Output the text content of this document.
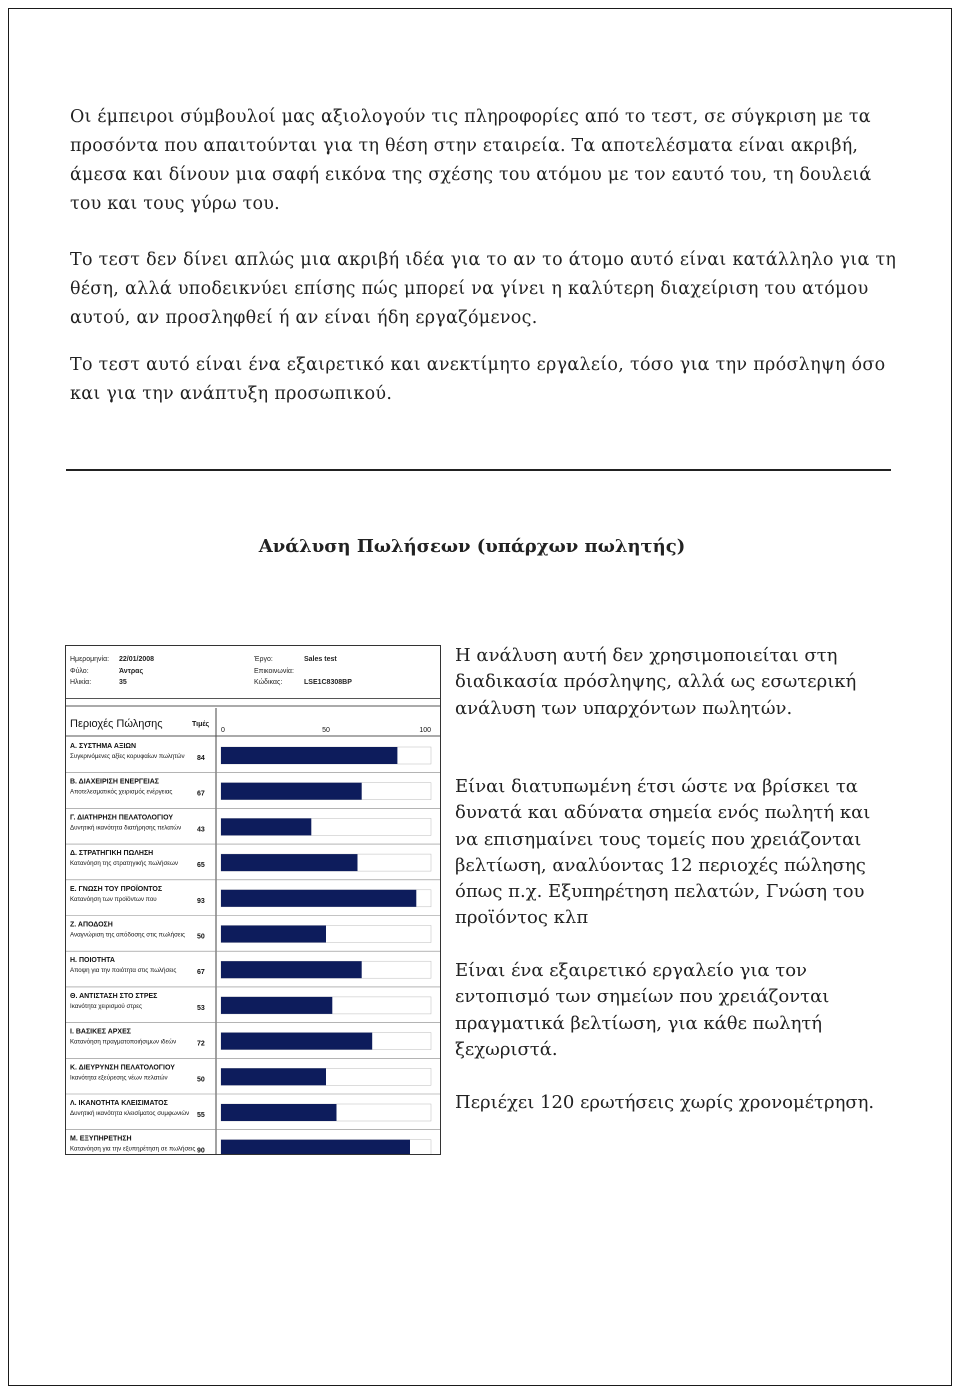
Οι έμπειροι σύμβουλοί μας αξιολογούν τις πληροφορίες από το τεστ, σε σύγκριση με τα προσόντα που απαιτούνται για τη θέση στην εταιρεία. Τα αποτελέσματα είναι ακριβή, άμεσα και δίνουν μια σαφή εικόνα της σχέσης του ατόμου με τον εαυτό του, τη δουλειά του και τους γύρω του.

Το τεστ δεν δίνει απλώς μια ακριβή ιδέα για το αν το άτομο αυτό είναι κατάλληλο για τη θέση, αλλά υποδεικνύει επίσης πώς μπορεί να γίνει η καλύτερη διαχείριση του ατόμου αυτού, αν προσληφθεί ή αν είναι ήδη εργαζόμενος.

Το τεστ αυτό είναι ένα εξαιρετικό και ανεκτίμητο εργαλείο, τόσο για την πρόσληψη όσο και για την ανάπτυξη προσωπικού.

Ανάλυση Πωλήσεων (υπάρχων πωλητής)
Ημερομηνία: 22/01/2008
Φύλο:	Άντρας
Ηλικία:	35
Έργο:	Sales test
Επικοινωνία:
Κώδικας:	LSE1C8308BP
Περιοχές Πώλησης	Τιμές
0	50	100
Α. ΣΥΣΤΗΜΑ ΑΞΙΩΝ
Συγκρινόμενες αξίες κορυφαίων πωλητών 84
Β. ΔΙΑΧΕΙΡΙΣΗ ΕΝΕΡΓΕΙΑΣ
Αποτελεσματικός χειρισμός ενέργειας	67
Γ. ΔΙΑΤΗΡΗΣΗ ΠΕΛΑΤΟΛΟΓΙΟΥ
Δυνητική ικανότητα διατήρησης πελατών 43
Δ. ΣΤΡΑΤΗΓΙΚΗ ΠΩΛΗΣΗ
Κατανόηση της στρατηγικής πωλήσεων	65
Ε. ΓΝΩΣΗ ΤΟΥ ΠΡΟΪΟΝΤΟΣ
Κατανόηση των προϊόντων που	93
Ζ. ΑΠΟΔΟΣΗ
Αναγνώριση της απόδοσης στις πωλήσεις 50
Η. ΠΟΙΟΤΗΤΑ
Αποψη για την ποιότητα στις πωλήσεις	67
Θ. ΑΝΤΙΣΤΑΣΗ ΣΤΟ ΣΤΡΕΣ
Ικανότητα χειρισμού στρες	53
Ι. ΒΑΣΙΚΕΣ ΑΡΧΕΣ
Κατανόηση πραγματοποιήσιμων ιδεών	72
Κ. ΔΙΕΥΡΥΝΣΗ ΠΕΛΑΤΟΛΟΓΙΟΥ
Ικανότητα εξεύρεσης νέων πελατών	50
Λ. ΙΚΑΝΟΤΗΤΑ ΚΛΕΙΣΙΜΑΤΟΣ
Δυνητική ικανότητα κλεισίματος συμφωνιών 55
Μ. ΕΞΥΠΗΡΕΤΗΣΗ
Κατανόηση για την εξυπηρέτηση σε πωλήσεις 90

Η ανάλυση αυτή δεν χρησιμοποιείται στη διαδικασία πρόσληψης, αλλά ως εσωτερική ανάλυση των υπαρχόντων πωλητών.

Είναι διατυπωμένη έτσι ώστε να βρίσκει τα δυνατά και αδύνατα σημεία ενός πωλητή και να επισημαίνει τους τομείς που χρειάζονται βελτίωση, αναλύοντας 12 περιοχές πώλησης όπως π.χ. Εξυπηρέτηση πελατών, Γνώση του προϊόντος κλπ

Είναι ένα εξαιρετικό εργαλείο για τον εντοπισμό των σημείων που χρειάζονται πραγματικά βελτίωση, για κάθε πωλητή ξεχωριστά.

Περιέχει 120 ερωτήσεις χωρίς χρονομέτρηση.
